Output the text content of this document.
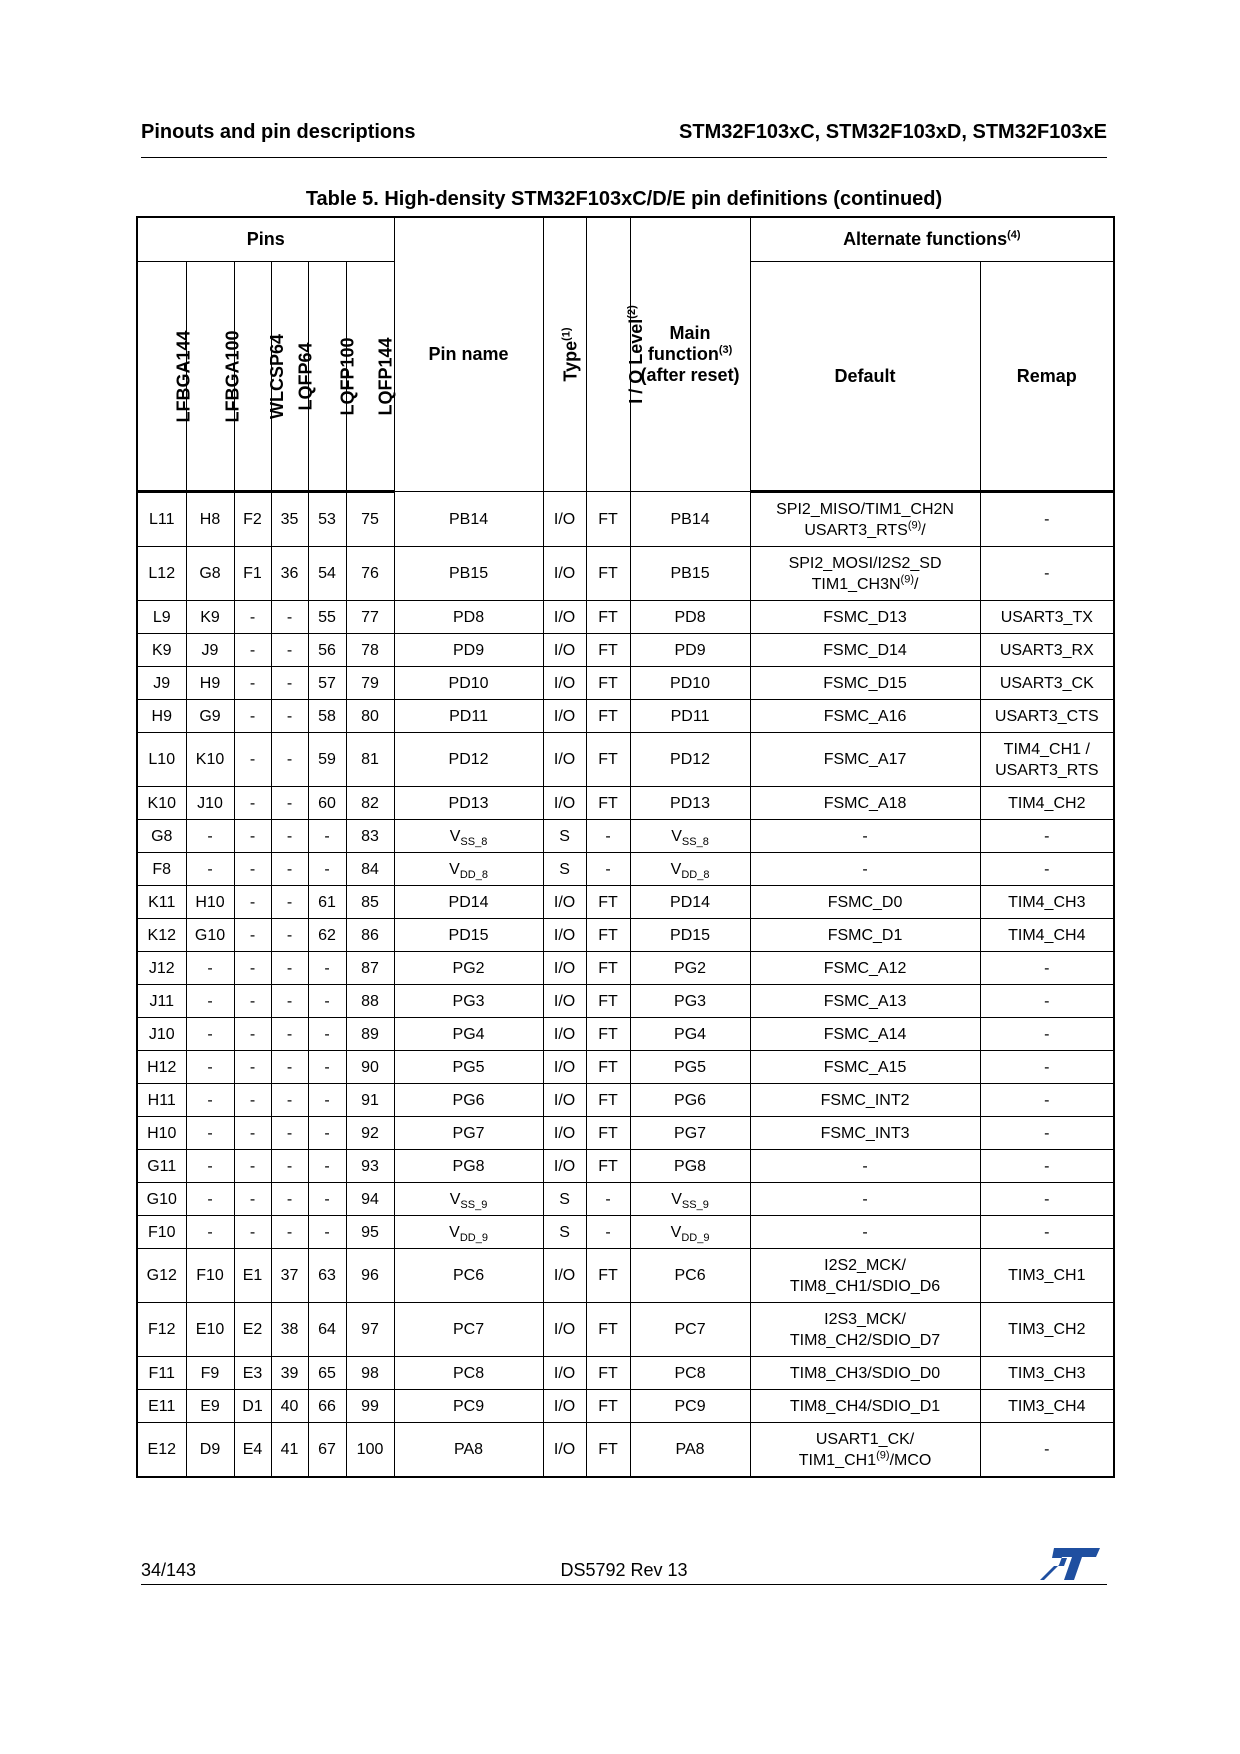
Pinouts and pin descriptions	STM32F103xC, STM32F103xD, STM32F103xE
Table 5. High-density STM32F103xC/D/E pin definitions (continued)
Pins						Pin name	Type$^{(1)}$	I / O Level$^{(2)}$	Main
function$^{(3)}$
(after reset)	Alternate functions$^{(4)}$
LFBGA144	LFBGA100	WLCSP64	LQFP64	LQFP100	LQFP144					Default	Remap
L11	H8	F2	35	53	75	PB14	I/O	FT	PB14	SPI2_MISO/TIM1_CH2N
USART3_RTS$^{(9)}$/	-
L12	G8	F1	36	54	76	PB15	I/O	FT	PB15	SPI2_MOSI/I2S2_SD
$TIM1\_CH3N^{(9)}/$	-
L9	K9	-	-	55	77	PD8	I/O	FT	PD8	FSMC_D13	USART3_TX
K9	J9	-	-	56	78	PD9	I/O	FT	PD9	FSMC_D14	USART3_RX
J9	H9	-	-	57	79	PD10	I/O	FT	PD10	FSMC_D15	USART3_CK
H9	G9	-	-	58	80	PD11	I/O	FT	PD11	FSMC_A16	USART3_CTS
L10	K10	-	-	59	81	PD12	I/O	FT	PD12	FSMC_A17	TIM4_CH1 /
USART3_RTS
K10	J10	-	-	60	82	PD13	I/O	FT	PD13	FSMC_A18	TIM4_CH2
G8	-	-	-	-	83	$V_{SS\_8}$	S	-	$V_{SS\_8}$	-	-
F8	-	-	-	-	84	$V_{DD\_8}$	S	-	$V_{DD\_8}$	-	-
K11	H10	-	-	61	85	PD14	I/O	FT	PD14	FSMC_D0	TIM4_CH3
K12	G10	-	-	62	86	PD15	I/O	FT	PD15	FSMC_D1	TIM4_CH4
J12	-	-	-	-	87	PG2	I/O	FT	PG2	FSMC_A12	-
J11	-	-	-	-	88	PG3	I/O	FT	PG3	FSMC_A13	-
J10	-	-	-	-	89	PG4	I/O	FT	PG4	FSMC_A14	-
H12	-	-	-	-	90	PG5	I/O	FT	PG5	FSMC_A15	-
H11	-	-	-	-	91	PG6	I/O	FT	PG6	FSMC_INT2	-
H10	-	-	-	-	92	PG7	I/O	FT	PG7	FSMC_INT3	-
G11	-	-	-	-	93	PG8	I/O	FT	PG8	-	-
G10	-	-	-	-	94	$V_{SS\_9}$	S	-	$V_{SS\_9}$	-	-
F10	-	-	-	-	95	$V_{DD\_9}$	S	-	$V_{DD\_9}$	-	-
G12	F10	E1	37	63	96	PC6	I/O	FT	PC6	I2S2_MCK/
TIM8_CH1/SDIO_D6	TIM3_CH1
F12	E10	E2	38	64	97	PC7	I/O	FT	PC7	I2S3_MCK/
TIM8_CH2/SDIO_D7	TIM3_CH2
F11	F9	E3	39	65	98	PC8	I/O	FT	PC8	TIM8_CH3/SDIO_D0	TIM3_CH3
E11	E9	D1	40	66	99	PC9	I/O	FT	PC9	TIM8_CH4/SDIO_D1	TIM3_CH4
E12	D9	E4	41	67	100	PA8	I/O	FT	PA8	USART1_CK/
TIM1_CH1$^{(9)}$/MCO	-
34/143	DS5792 Rev 13
